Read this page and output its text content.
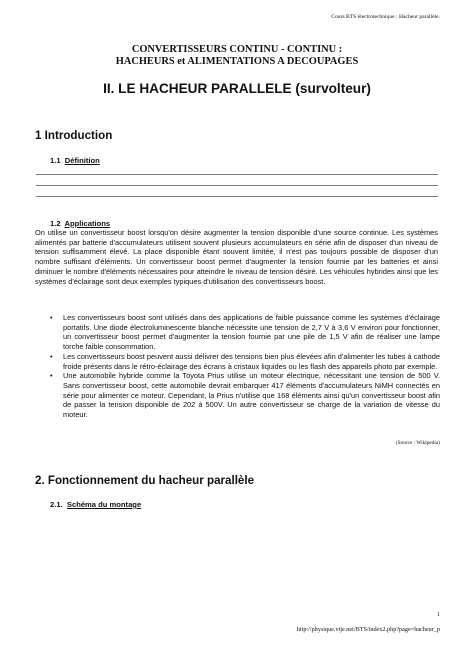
Cours BTS électrotechnique : Hacheur parallèle.
CONVERTISSEURS CONTINU - CONTINU :
HACHEURS et ALIMENTATIONS A DECOUPAGES
II. LE HACHEUR PARALLELE (survolteur)
1 Introduction
1.1 Définition
1.2 Applications

On utilise un convertisseur boost lorsqu'on désire augmenter la tension disponible d'une source continue. Les systèmes alimentés par batterie d'accumulateurs utilisent souvent plusieurs accumulateurs en série afin de disposer d'un niveau de tension suffisamment élevé. La place disponible étant souvent limitée, il n'est pas toujours possible de disposer d'un nombre suffisant d'éléments. Un convertisseur boost permet d'augmenter la tension fournie par les batteries et ainsi diminuer le nombre d'éléments nécessaires pour atteindre le niveau de tension désiré. Les véhicules hybrides ainsi que les systèmes d'éclairage sont deux exemples typiques d'utilisation des convertisseurs boost.

• Les convertisseurs boost sont utilisés dans des applications de faible puissance comme les systèmes d'éclairage portatifs. Une diode électroluminescente blanche nécessite une tension de 2,7 V à 3,6 V environ pour fonctionner, un convertisseur boost permet d'augmenter la tension fournie par une pile de 1,5 V afin de réaliser une lampe torche faible consommation.
• Les convertisseurs boost peuvent aussi délivrer des tensions bien plus élevées afin d'alimenter les tubes à cathode froide présents dans le rétro-éclairage des écrans à cristaux liquides ou les flash des appareils photo par exemple.
• Une automobile hybride comme la Toyota Prius utilise un moteur électrique, nécessitant une tension de 500 V. Sans convertisseur boost, cette automobile devrait embarquer 417 éléments d'accumulateurs NiMH connectés en série pour alimenter ce moteur. Cependant, la Prius n'utilise que 168 éléments ainsi qu'un convertisseur boost afin de passer la tension disponible de 202 à 500V. Un autre convertisseur se charge de la variation de vitesse du moteur.
(Source : Wikipedia)
2. Fonctionnement du hacheur parallèle
2.1. Schéma du montage
1
http://physique.vije.net/BTS/index2.php?page=hacheur_p
